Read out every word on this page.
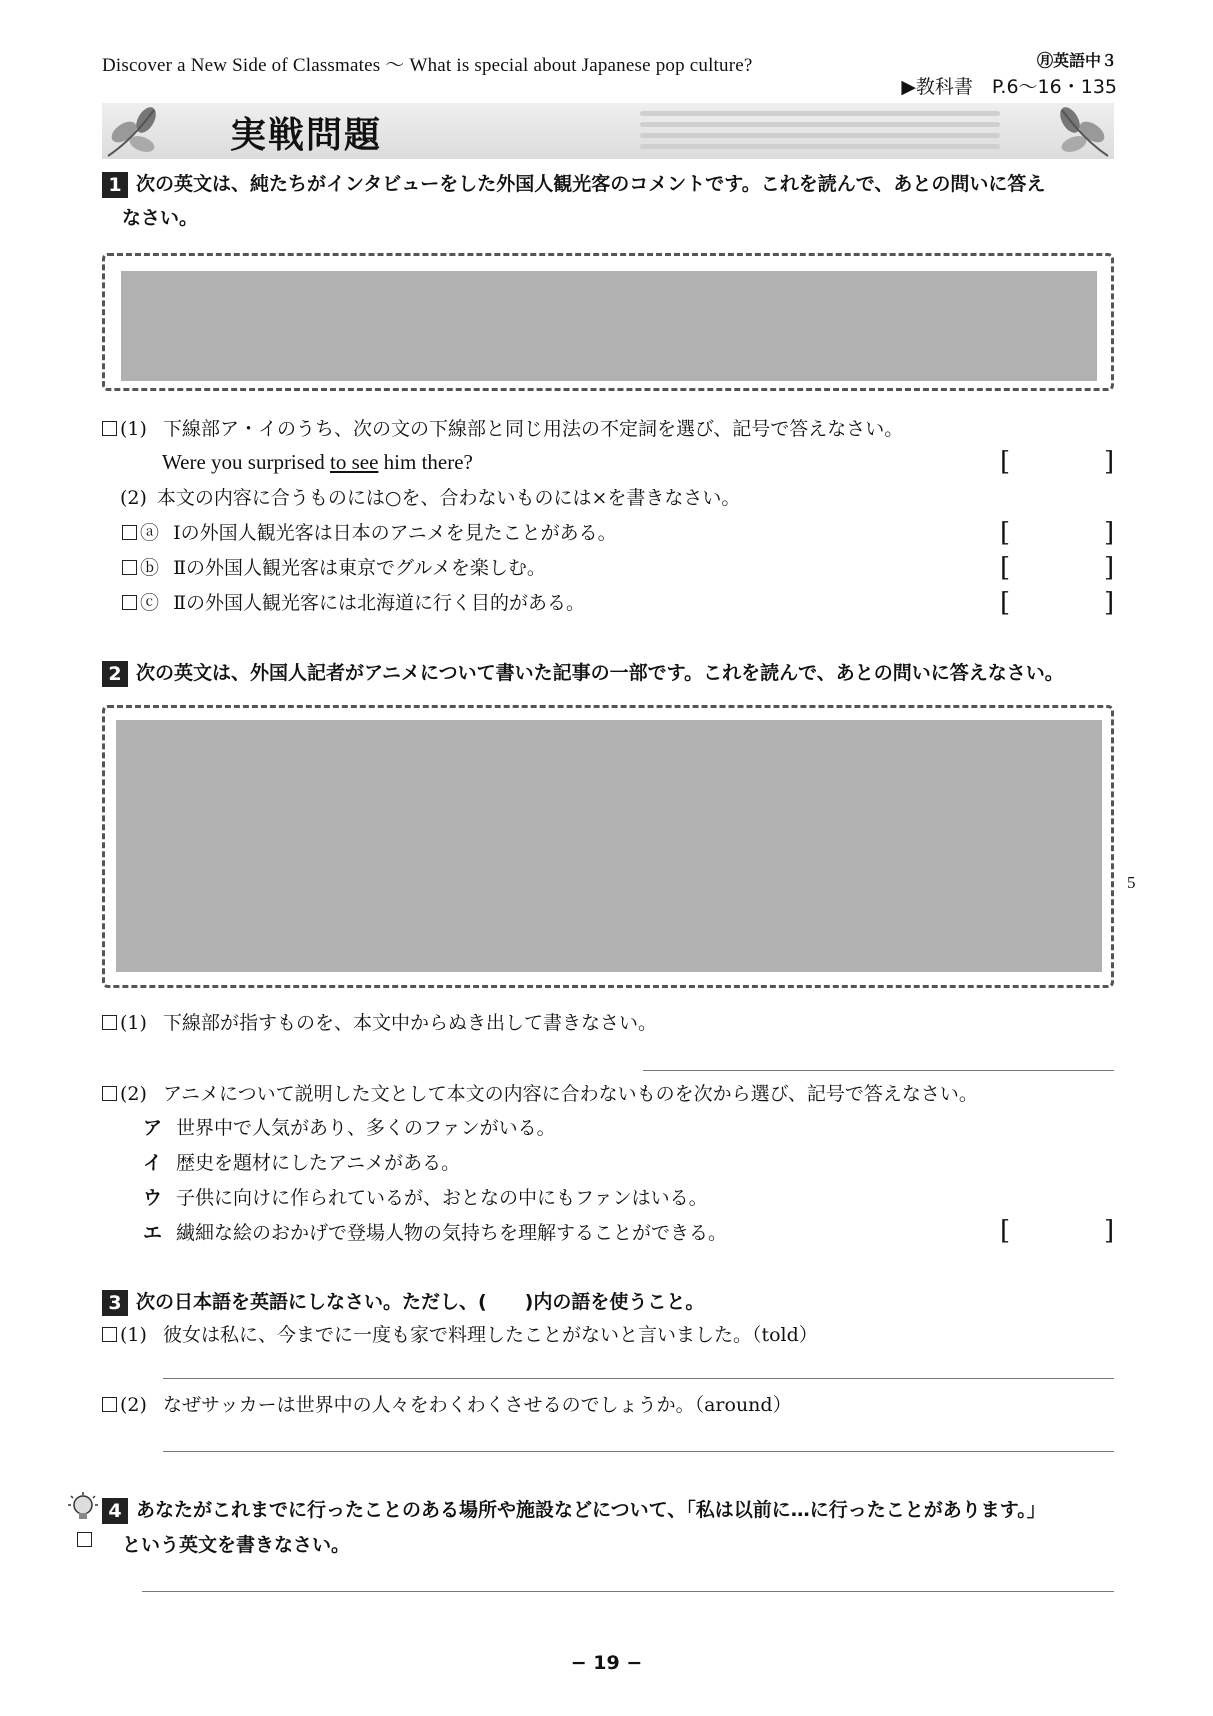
Discover a New Side of Classmates 〜 What is special about Japanese pop culture?	㊊英語中３
▶教科書　P.6〜16・135
実戦問題
1 次の英文は、純たちがインタビューをした外国人観光客のコメントです。これを読んで、あとの問いに答え
なさい。
(1) 下線部ア・イのうち、次の文の下線部と同じ用法の不定詞を選び、記号で答えなさい。
Were you surprised to see him there?	[	]
(2) 本文の内容に合うものには○を、合わないものには×を書きなさい。
ⓐ Ⅰの外国人観光客は日本のアニメを見たことがある。	[	]
ⓑ Ⅱの外国人観光客は東京でグルメを楽しむ。	[	]
ⓒ Ⅱの外国人観光客には北海道に行く目的がある。	[	]
2 次の英文は、外国人記者がアニメについて書いた記事の一部です。これを読んで、あとの問いに答えなさい。
5
(1) 下線部が指すものを、本文中からぬき出して書きなさい。
(2) アニメについて説明した文として本文の内容に合わないものを次から選び、記号で答えなさい。
ア 世界中で人気があり、多くのファンがいる。
イ 歴史を題材にしたアニメがある。
ウ 子供に向けに作られているが、おとなの中にもファンはいる。
エ 繊細な絵のおかげで登場人物の気持ちを理解することができる。	[	]
3 次の日本語を英語にしなさい。ただし、(　　)内の語を使うこと。
(1) 彼女は私に、今までに一度も家で料理したことがないと言いました。（told）
(2) なぜサッカーは世界中の人々をわくわくさせるのでしょうか。（around）
4 あなたがこれまでに行ったことのある場所や施設などについて、「私は以前に…に行ったことがあります。」
という英文を書きなさい。
− 19 −
